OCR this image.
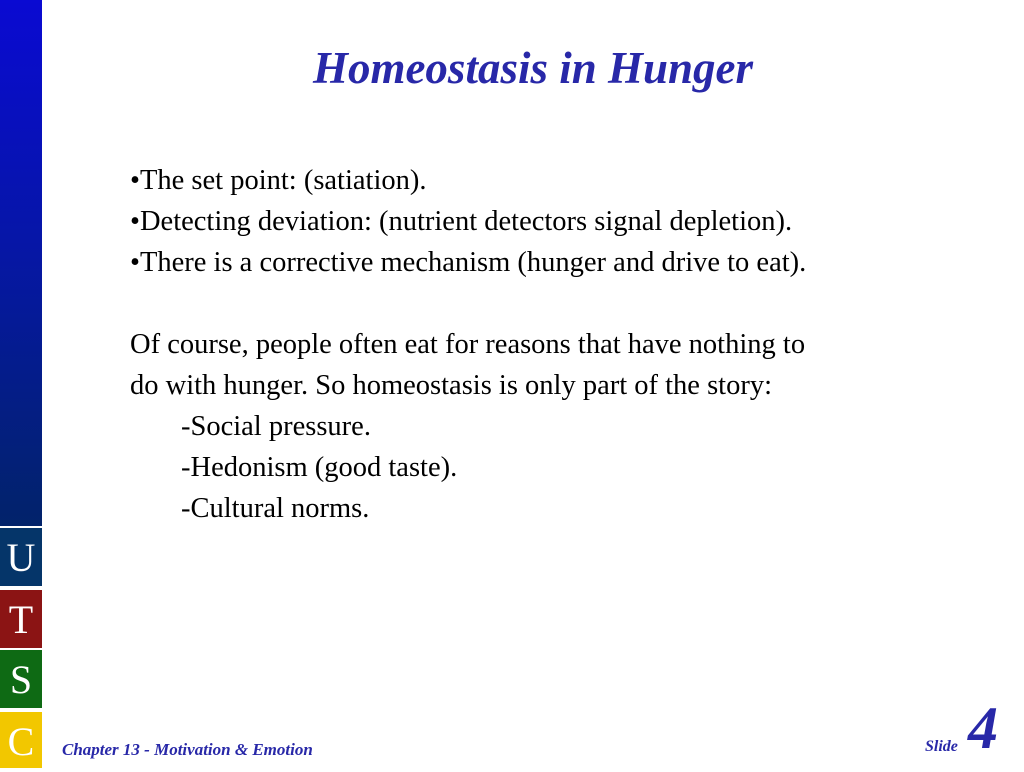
U
T
S
C
Homeostasis in Hunger
•The set point: (satiation).
•Detecting deviation: (nutrient detectors signal depletion).
•There is a corrective mechanism (hunger and drive to eat).
Of course, people often eat for reasons that have nothing to
do with hunger. So homeostasis is only part of the story:
-Social pressure.
-Hedonism (good taste).
-Cultural norms.
Chapter 13 - Motivation & Emotion	Slide 4
